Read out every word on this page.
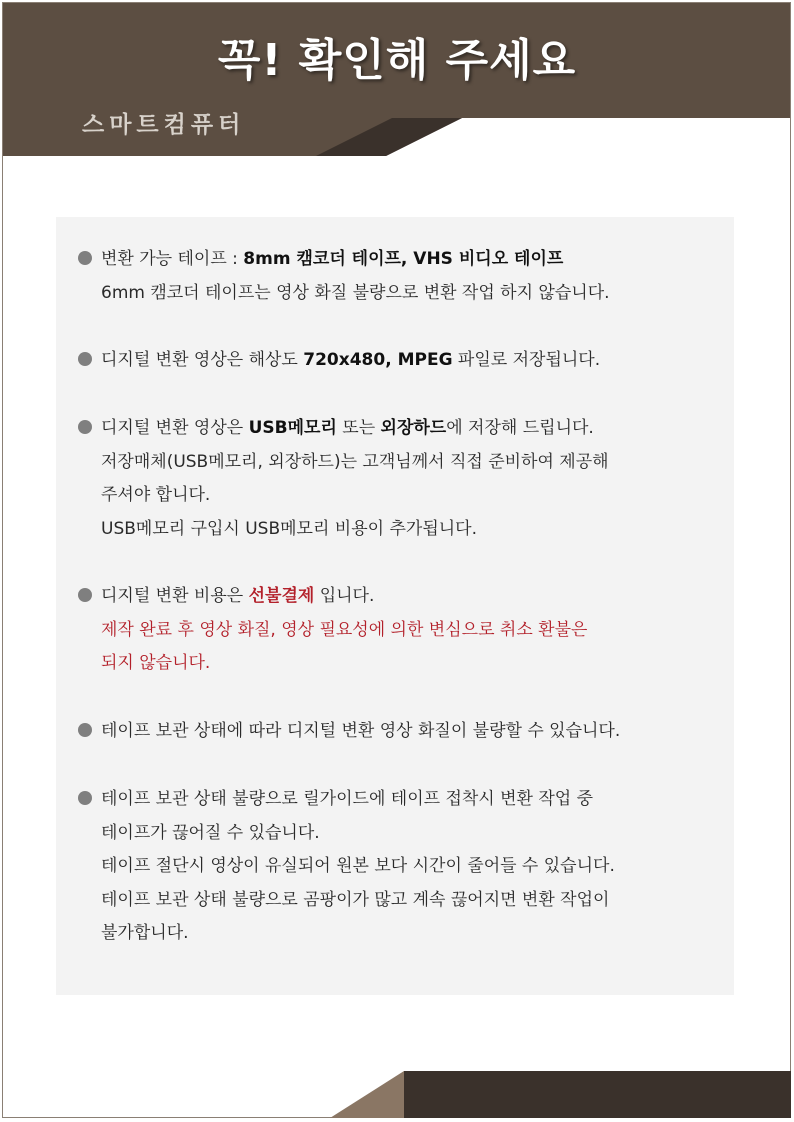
꼭! 확인해 주세요
스마트컴퓨터
변환 가능 테이프 : 8mm 캠코더 테이프, VHS 비디오 테이프
6mm 캠코더 테이프는 영상 화질 불량으로 변환 작업 하지 않습니다.
디지털 변환 영상은 해상도 720x480, MPEG 파일로 저장됩니다.
디지털 변환 영상은 USB메모리 또는 외장하드에 저장해 드립니다.
저장매체(USB메모리, 외장하드)는 고객님께서 직접 준비하여 제공해
주셔야 합니다.
USB메모리 구입시 USB메모리 비용이 추가됩니다.
디지털 변환 비용은 선불결제 입니다.
제작 완료 후 영상 화질, 영상 필요성에 의한 변심으로 취소 환불은
되지 않습니다.
테이프 보관 상태에 따라 디지털 변환 영상 화질이 불량할 수 있습니다.
테이프 보관 상태 불량으로 릴가이드에 테이프 접착시 변환 작업 중
테이프가 끊어질 수 있습니다.
테이프 절단시 영상이 유실되어 원본 보다 시간이 줄어들 수 있습니다.
테이프 보관 상태 불량으로 곰팡이가 많고 계속 끊어지면 변환 작업이
불가합니다.
